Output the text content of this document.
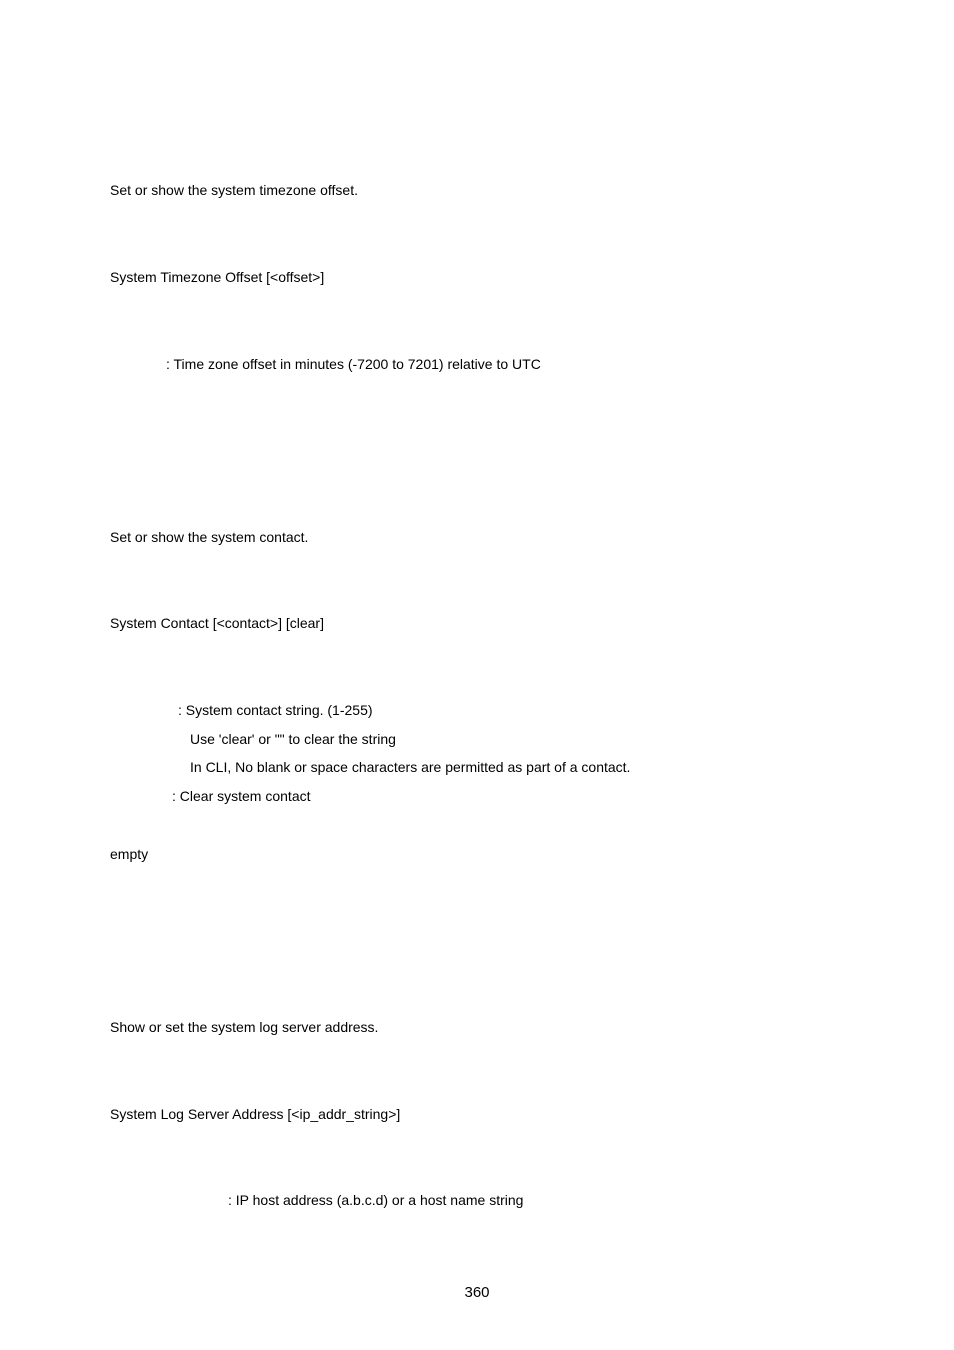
Set or show the system timezone offset.
System Timezone Offset [<offset>]
: Time zone offset in minutes (-7200 to 7201) relative to UTC
Set or show the system contact.
System Contact [<contact>] [clear]
: System contact string. (1-255)
Use 'clear' or "" to clear the string
In CLI, No blank or space characters are permitted as part of a contact.
: Clear system contact
empty
Show or set the system log server address.
System Log Server Address [<ip_addr_string>]
: IP host address (a.b.c.d) or a host name string
360
